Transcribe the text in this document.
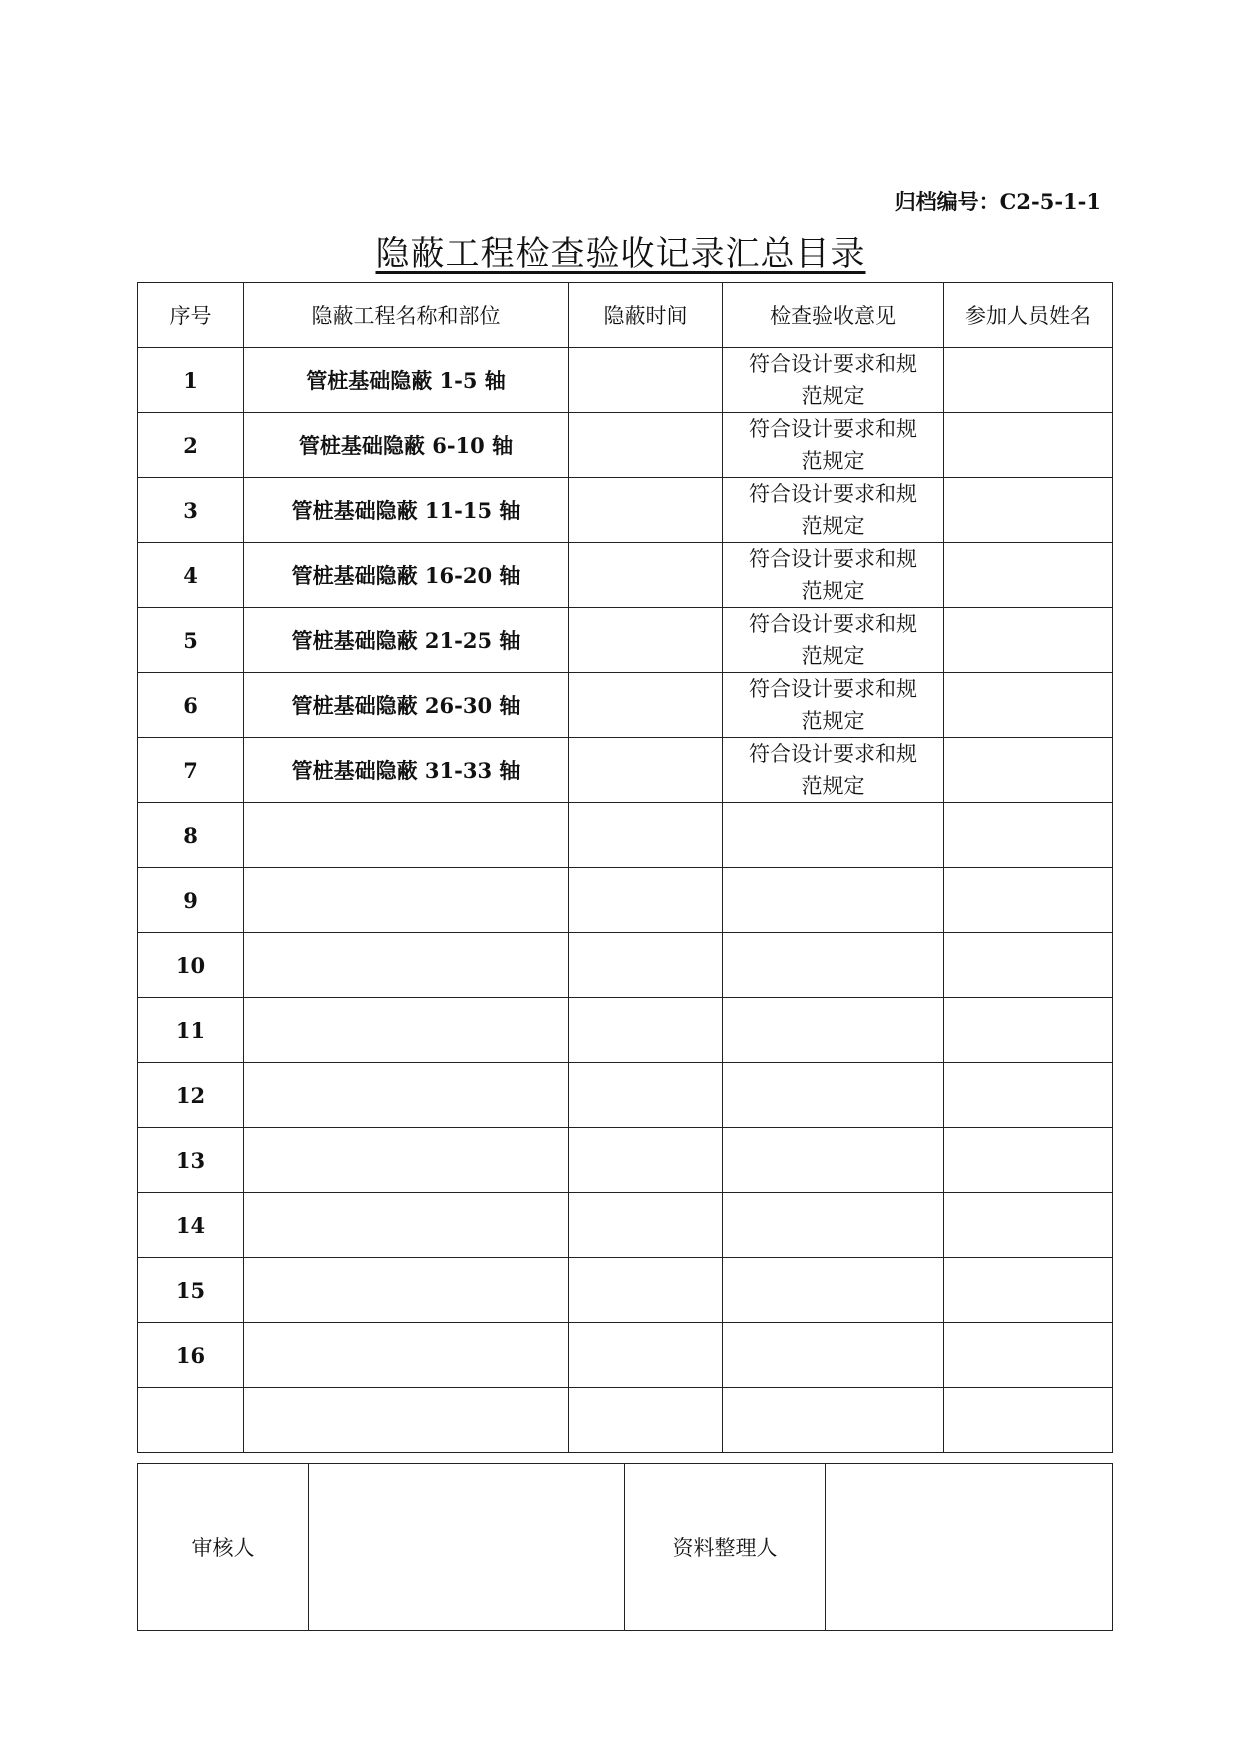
归档编号：C2-5-1-1
隐蔽工程检查验收记录汇总目录
序号	隐蔽工程名称和部位	隐蔽时间	检查验收意见	参加人员姓名
1	管桩基础隐蔽 1-5 轴		符合设计要求和规范规定	
2	管桩基础隐蔽 6-10 轴		符合设计要求和规范规定	
3	管桩基础隐蔽 11-15 轴		符合设计要求和规范规定	
4	管桩基础隐蔽 16-20 轴		符合设计要求和规范规定	
5	管桩基础隐蔽 21-25 轴		符合设计要求和规范规定	
6	管桩基础隐蔽 26-30 轴		符合设计要求和规范规定	
7	管桩基础隐蔽 31-33 轴		符合设计要求和规范规定	
8				
9				
10				
11				
12				
13				
14				
15				
16				

审核人		资料整理人	
